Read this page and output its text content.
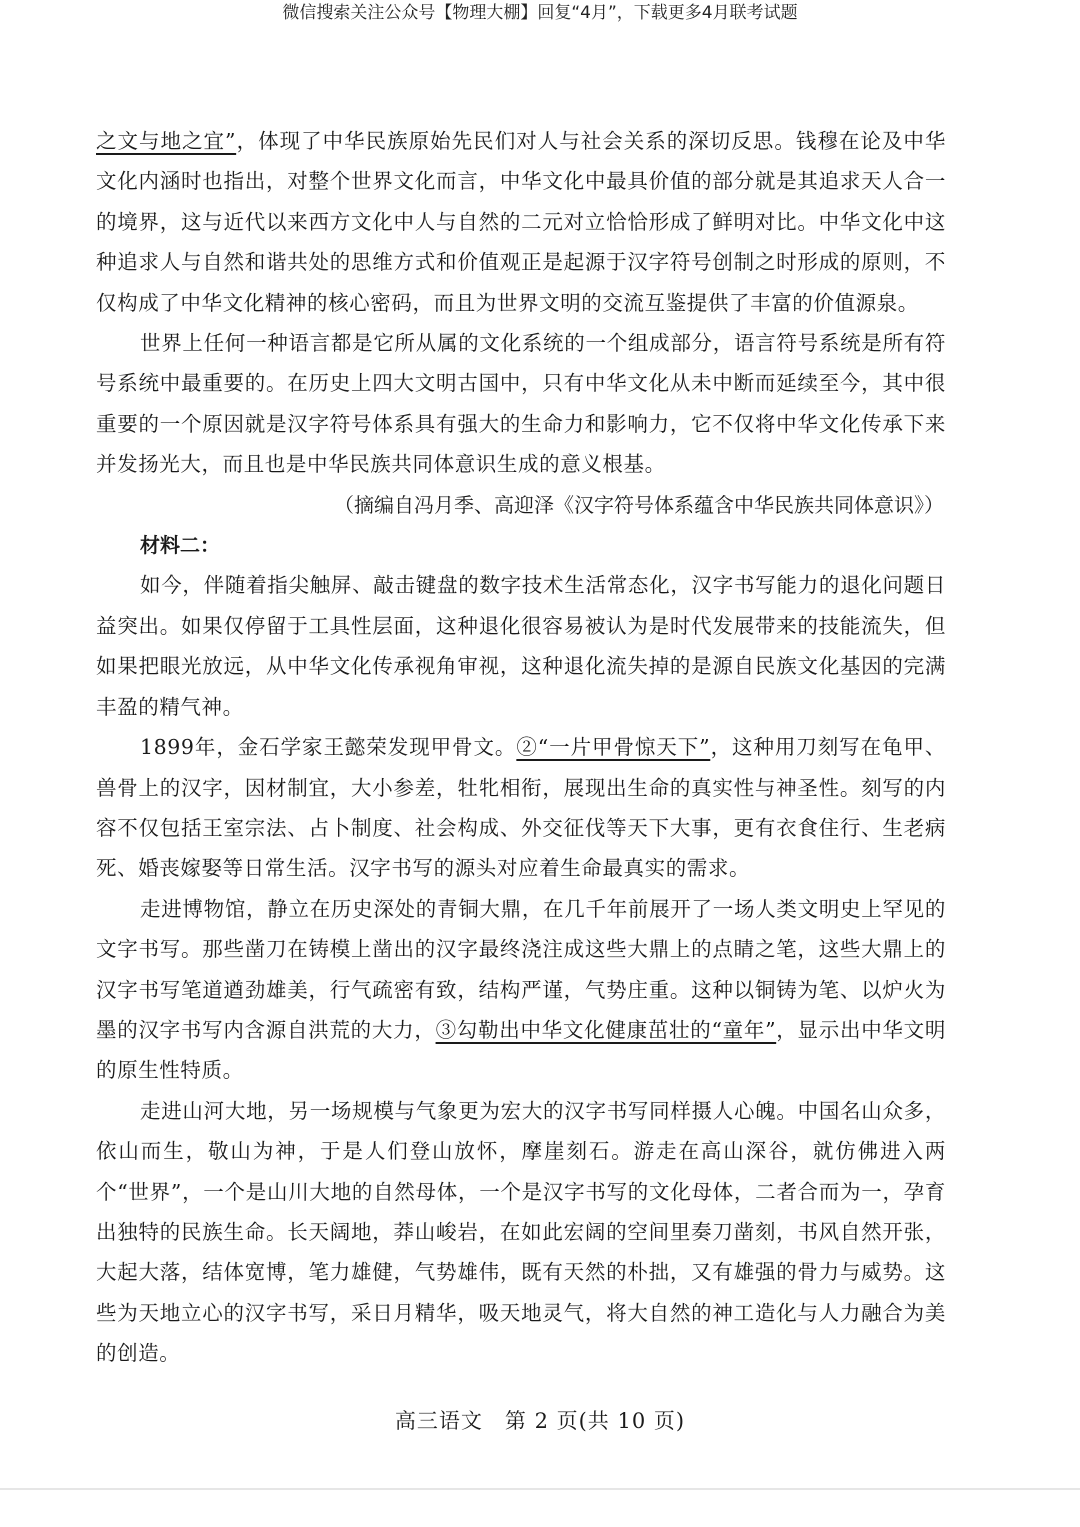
微信搜索关注公众号【物理大棚】回复“4月”，下载更多4月联考试题

之文与地之宜”，体现了中华民族原始先民们对人与社会关系的深切反思。钱穆在论及中华文化内涵时也指出，对整个世界文化而言，中华文化中最具价值的部分就是其追求天人合一的境界，这与近代以来西方文化中人与自然的二元对立恰恰形成了鲜明对比。中华文化中这种追求人与自然和谐共处的思维方式和价值观正是起源于汉字符号创制之时形成的原则，不仅构成了中华文化精神的核心密码，而且为世界文明的交流互鉴提供了丰富的价值源泉。

世界上任何一种语言都是它所从属的文化系统的一个组成部分，语言符号系统是所有符号系统中最重要的。在历史上四大文明古国中，只有中华文化从未中断而延续至今，其中很重要的一个原因就是汉字符号体系具有强大的生命力和影响力，它不仅将中华文化传承下来并发扬光大，而且也是中华民族共同体意识生成的意义根基。

（摘编自冯月季、高迎泽《汉字符号体系蕴含中华民族共同体意识》）

材料二：

如今，伴随着指尖触屏、敲击键盘的数字技术生活常态化，汉字书写能力的退化问题日益突出。如果仅停留于工具性层面，这种退化很容易被认为是时代发展带来的技能流失，但如果把眼光放远，从中华文化传承视角审视，这种退化流失掉的是源自民族文化基因的完满丰盈的精气神。

1899年，金石学家王懿荣发现甲骨文。②“一片甲骨惊天下”，这种用刀刻写在龟甲、兽骨上的汉字，因材制宜，大小参差，牡牝相衔，展现出生命的真实性与神圣性。刻写的内容不仅包括王室宗法、占卜制度、社会构成、外交征伐等天下大事，更有衣食住行、生老病死、婚丧嫁娶等日常生活。汉字书写的源头对应着生命最真实的需求。

走进博物馆，静立在历史深处的青铜大鼎，在几千年前展开了一场人类文明史上罕见的文字书写。那些凿刀在铸模上凿出的汉字最终浇注成这些大鼎上的点睛之笔，这些大鼎上的汉字书写笔道遒劲雄美，行气疏密有致，结构严谨，气势庄重。这种以铜铸为笔、以炉火为墨的汉字书写内含源自洪荒的大力，③勾勒出中华文化健康茁壮的“童年”，显示出中华文明的原生性特质。

走进山河大地，另一场规模与气象更为宏大的汉字书写同样摄人心魄。中国名山众多，依山而生，敬山为神，于是人们登山放怀，摩崖刻石。游走在高山深谷，就仿佛进入两个“世界”，一个是山川大地的自然母体，一个是汉字书写的文化母体，二者合而为一，孕育出独特的民族生命。长天阔地，莽山峻岩，在如此宏阔的空间里奏刀凿刻，书风自然开张，大起大落，结体宽博，笔力雄健，气势雄伟，既有天然的朴拙，又有雄强的骨力与威势。这些为天地立心的汉字书写，采日月精华，吸天地灵气，将大自然的神工造化与人力融合为美的创造。

高三语文　第 2 页(共 10 页)
